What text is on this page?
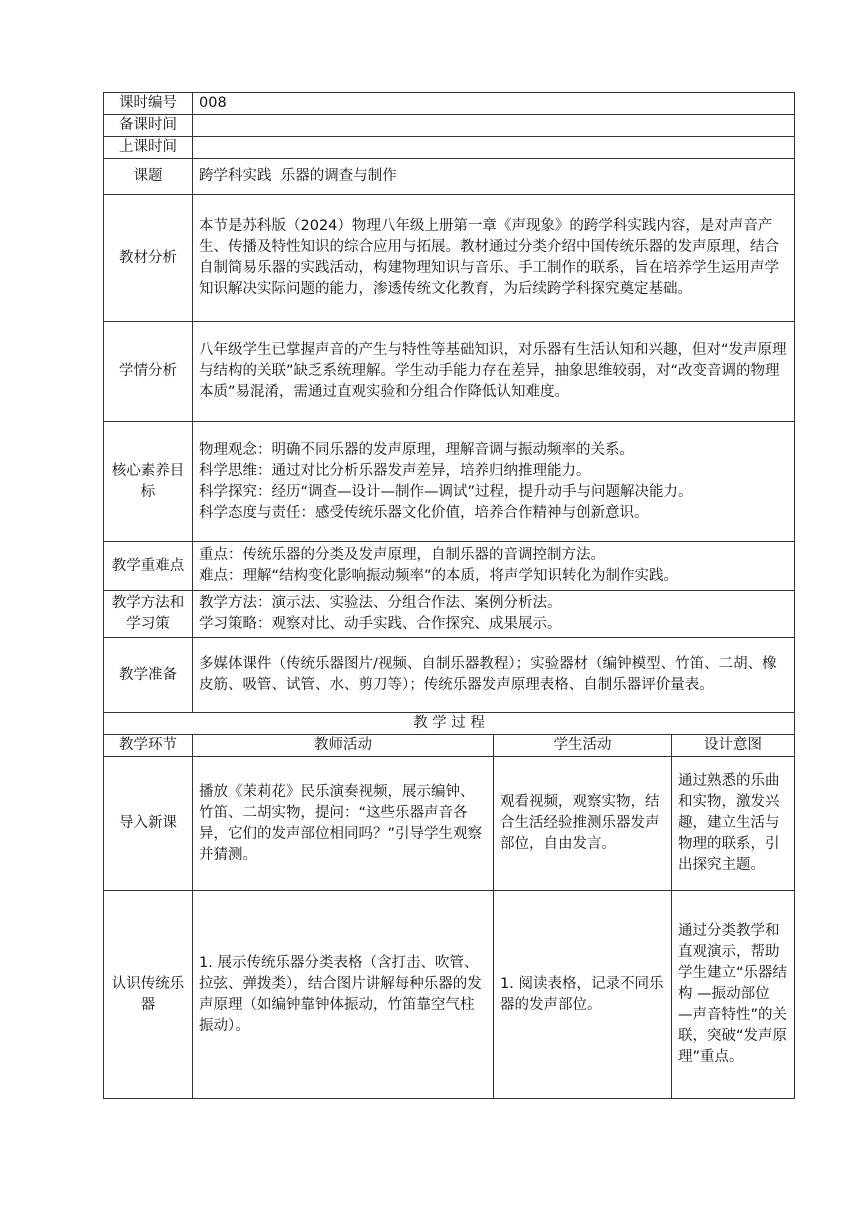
课时编号	008		
备课时间			
上课时间			
课题	跨学科实践  乐器的调查与制作		
教材分析	本节是苏科版（2024）物理八年级上册第一章《声现象》的跨学科实践内容，是对声音产生、传播及特性知识的综合应用与拓展。教材通过分类介绍中国传统乐器的发声原理，结合自制简易乐器的实践活动，构建物理知识与音乐、手工制作的联系，旨在培养学生运用声学知识解决实际问题的能力，渗透传统文化教育，为后续跨学科探究奠定基础。		
学情分析	八年级学生已掌握声音的产生与特性等基础知识，对乐器有生活认知和兴趣，但对“发声原理与结构的关联”缺乏系统理解。学生动手能力存在差异，抽象思维较弱，对“改变音调的物理本质”易混淆，需通过直观实验和分组合作降低认知难度。		
核心素养目标	物理观念：明确不同乐器的发声原理，理解音调与振动频率的关系。
科学思维：通过对比分析乐器发声差异，培养归纳推理能力。
科学探究：经历“调查—设计—制作—调试”过程，提升动手与问题解决能力。
科学态度与责任：感受传统乐器文化价值，培养合作精神与创新意识。		

教学重难点	重点：传统乐器的分类及发声原理，自制乐器的音调控制方法。
难点：理解“结构变化影响振动频率”的本质，将声学知识转化为制作实践。		

教学方法和学习策	教学方法：演示法、实验法、分组合作法、案例分析法。
学习策略：观察对比、动手实践、合作探究、成果展示。		

教学准备	多媒体课件（传统乐器图片/视频、自制乐器教程）；实验器材（编钟模型、竹笛、二胡、橡皮筋、吸管、试管、水、剪刀等）；传统乐器发声原理表格、自制乐器评价量表。		
教 学 过 程			
教学环节	教师活动	学生活动	设计意图
导入新课	播放《茉莉花》民乐演奏视频，展示编钟、竹笛、二胡实物，提问：“这些乐器声音各异，它们的发声部位相同吗？”引导学生观察并猜测。	观看视频，观察实物，结合生活经验推测乐器发声部位，自由发言。	通过熟悉的乐曲和实物，激发兴趣，建立生活与物理的联系，引出探究主题。
认识传统乐器	1. 展示传统乐器分类表格（含打击、吹管、拉弦、弹拨类），结合图片讲解每种乐器的发声原理（如编钟靠钟体振动，竹笛靠空气柱振动）。	1. 阅读表格，记录不同乐器的发声部位。	通过分类教学和直观演示，帮助学生建立“乐器结构 —振动部位 —声音特性”的关联，突破“发声原理”重点。
